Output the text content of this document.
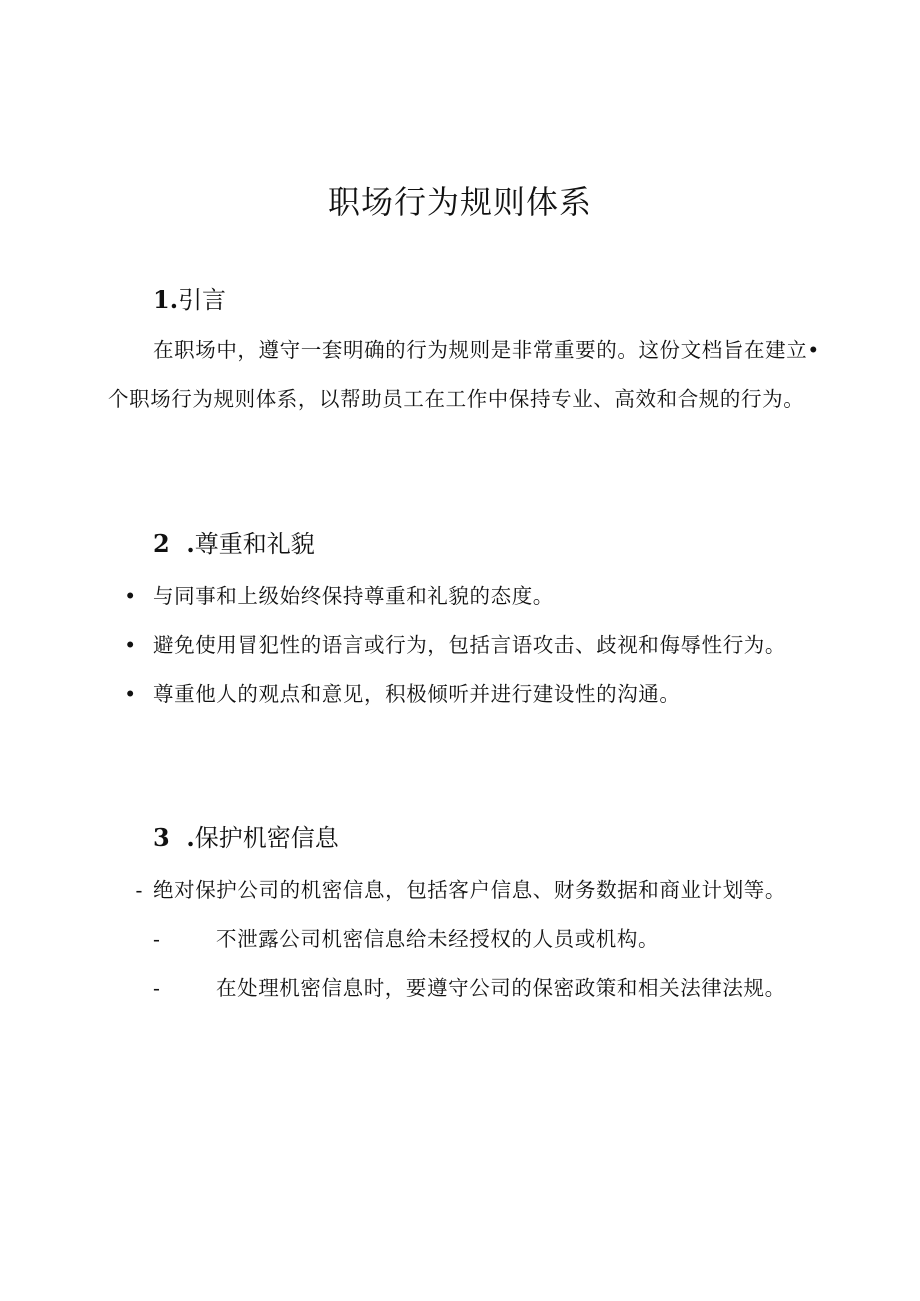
职场行为规则体系
1.引言

在职场中，遵守一套明确的行为规则是非常重要的。这份文档旨在建立•个职场行为规则体系，以帮助员工在工作中保持专业、高效和合规的行为。

2  .尊重和礼貌

• 与同事和上级始终保持尊重和礼貌的态度。

• 避免使用冒犯性的语言或行为，包括言语攻击、歧视和侮辱性行为。

• 尊重他人的观点和意见，积极倾听并进行建设性的沟通。

3  .保护机密信息

- 绝对保护公司的机密信息，包括客户信息、财务数据和商业计划等。

-	不泄露公司机密信息给未经授权的人员或机构。

-	在处理机密信息时，要遵守公司的保密政策和相关法律法规。
